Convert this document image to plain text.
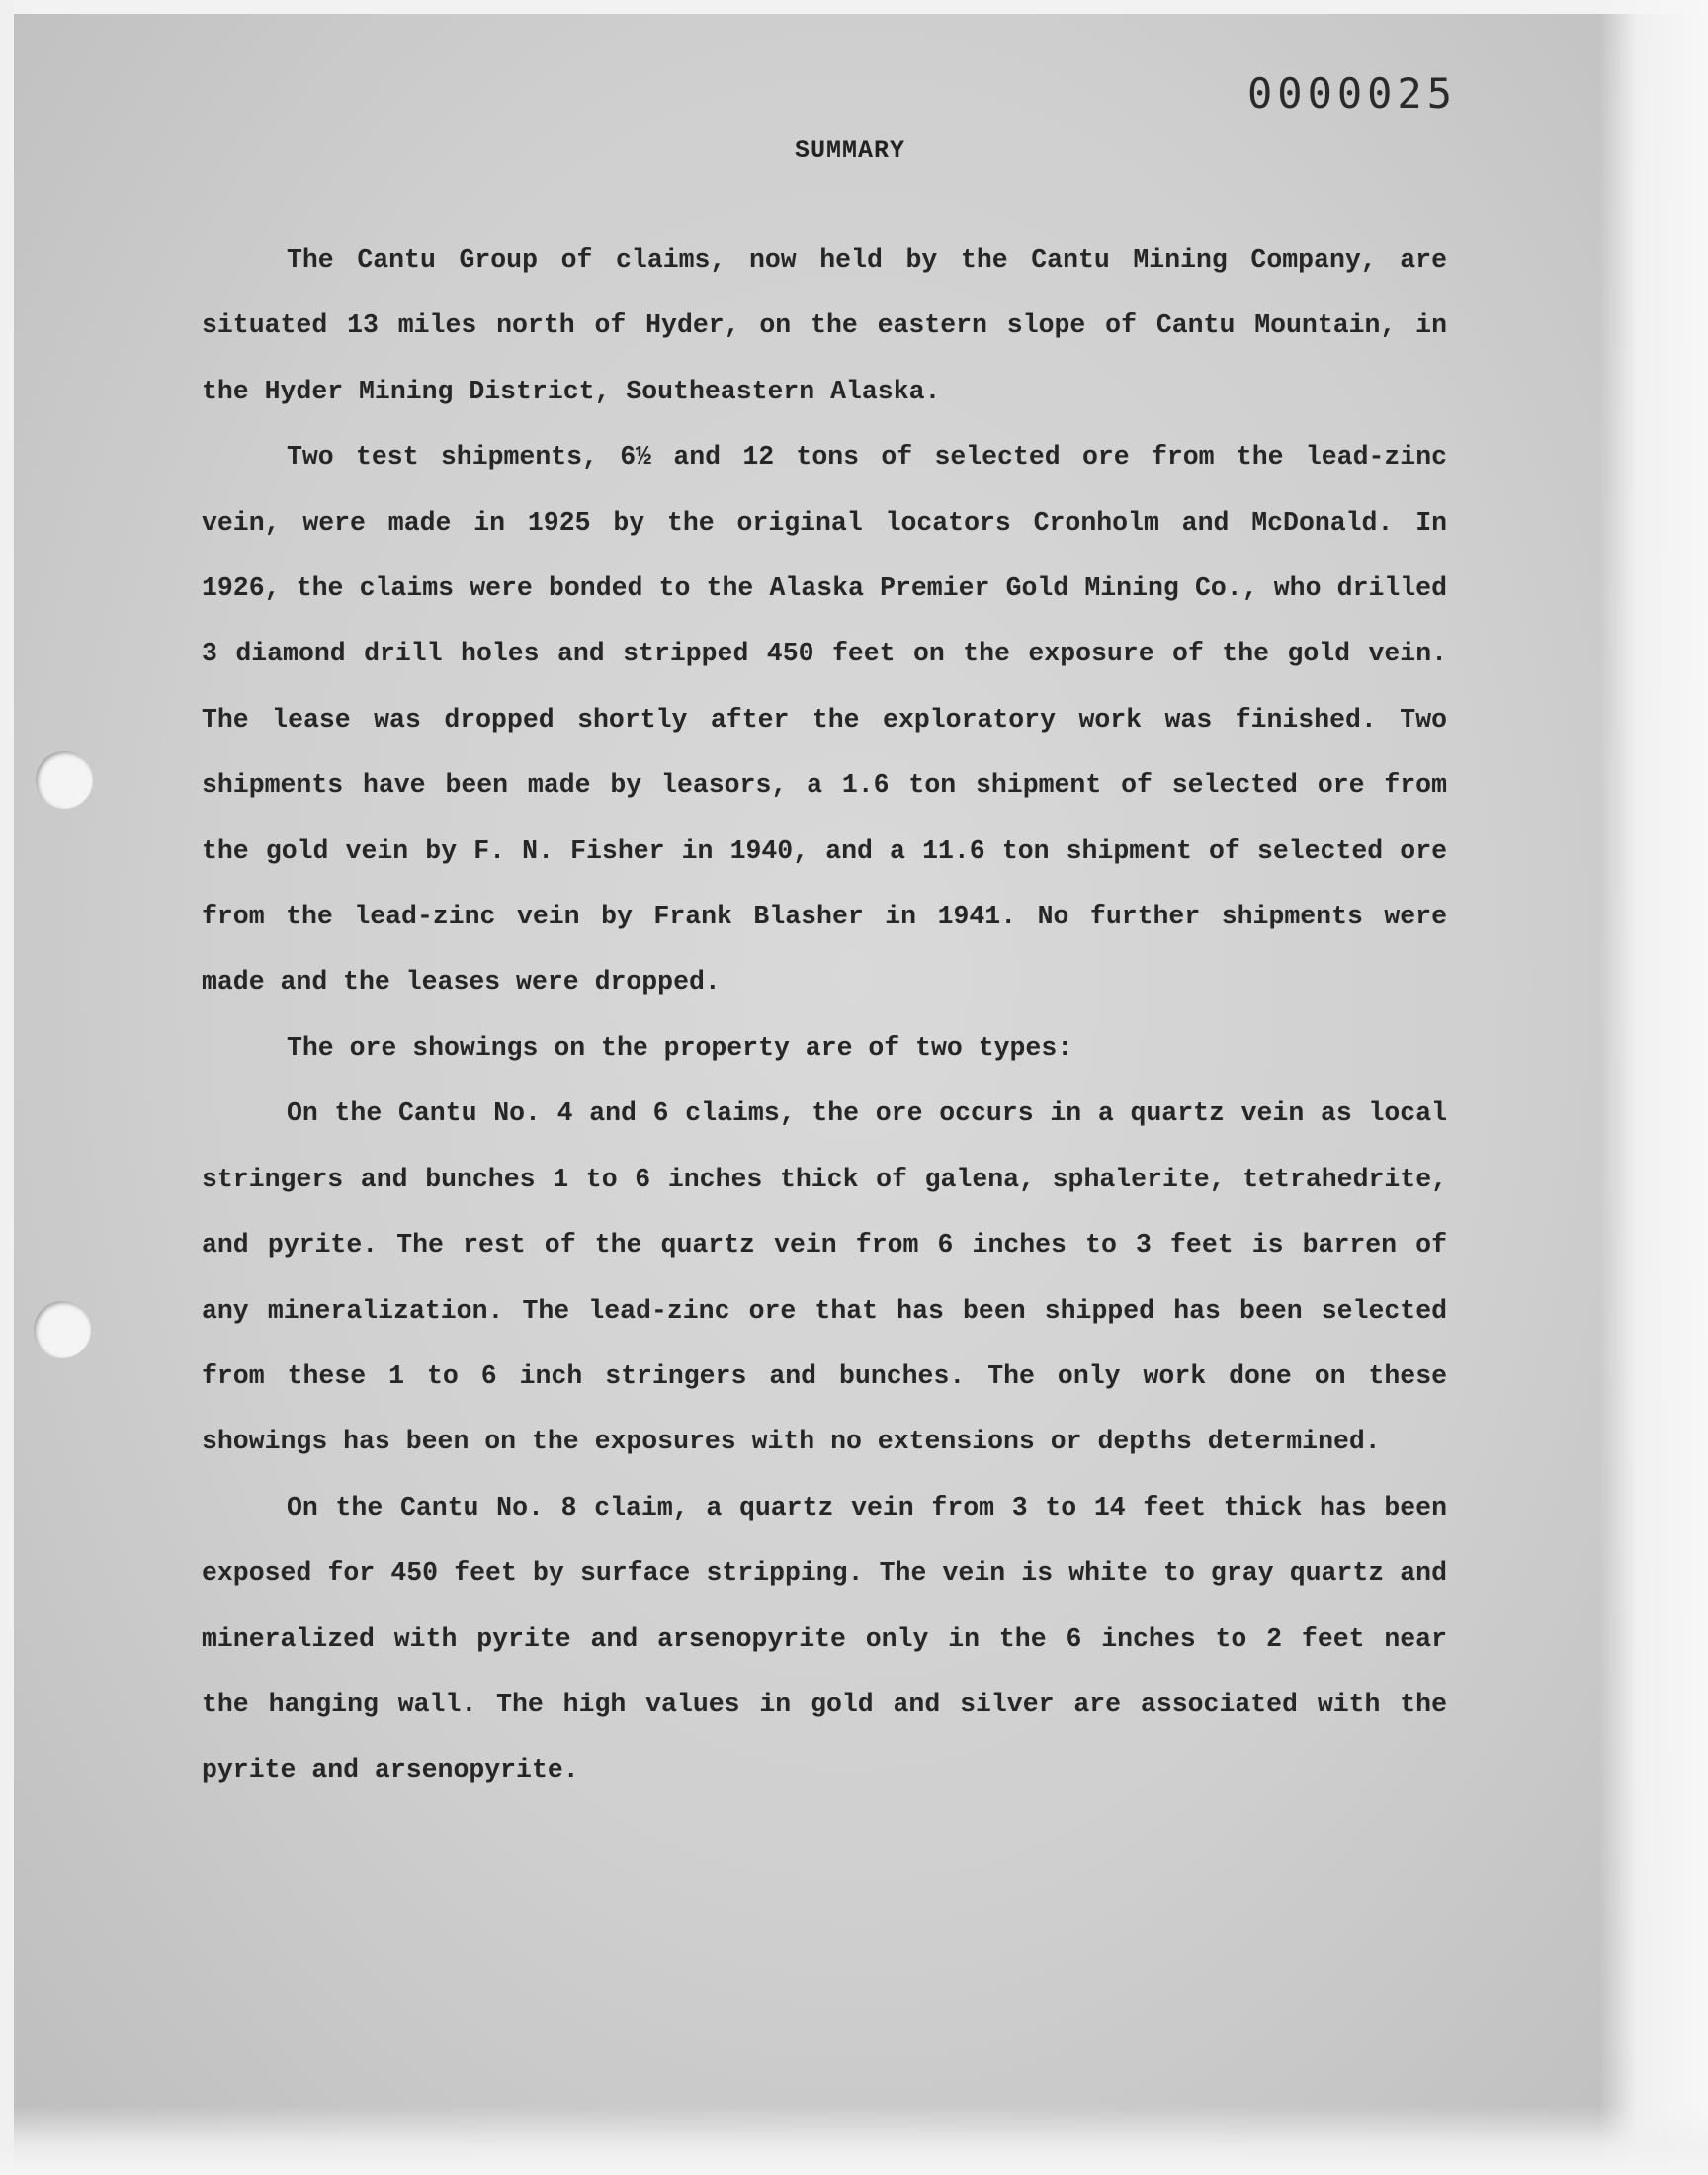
0000025
SUMMARY

The Cantu Group of claims, now held by the Cantu Mining Company, are situated 13 miles north of Hyder, on the eastern slope of Cantu Mountain, in the Hyder Mining District, Southeastern Alaska.

Two test shipments, 6½ and 12 tons of selected ore from the lead-zinc vein, were made in 1925 by the original locators Cronholm and McDonald. In 1926, the claims were bonded to the Alaska Premier Gold Mining Co., who drilled 3 diamond drill holes and stripped 450 feet on the exposure of the gold vein. The lease was dropped shortly after the exploratory work was finished. Two shipments have been made by leasors, a 1.6 ton shipment of selected ore from the gold vein by F. N. Fisher in 1940, and a 11.6 ton shipment of selected ore from the lead-zinc vein by Frank Blasher in 1941. No further shipments were made and the leases were dropped.

The ore showings on the property are of two types:

On the Cantu No. 4 and 6 claims, the ore occurs in a quartz vein as local stringers and bunches 1 to 6 inches thick of galena, sphalerite, tetrahedrite, and pyrite. The rest of the quartz vein from 6 inches to 3 feet is barren of any mineralization. The lead-zinc ore that has been shipped has been selected from these 1 to 6 inch stringers and bunches. The only work done on these showings has been on the exposures with no extensions or depths determined.

On the Cantu No. 8 claim, a quartz vein from 3 to 14 feet thick has been exposed for 450 feet by surface stripping. The vein is white to gray quartz and mineralized with pyrite and arsenopyrite only in the 6 inches to 2 feet near the hanging wall. The high values in gold and silver are associated with the pyrite and arsenopyrite.
